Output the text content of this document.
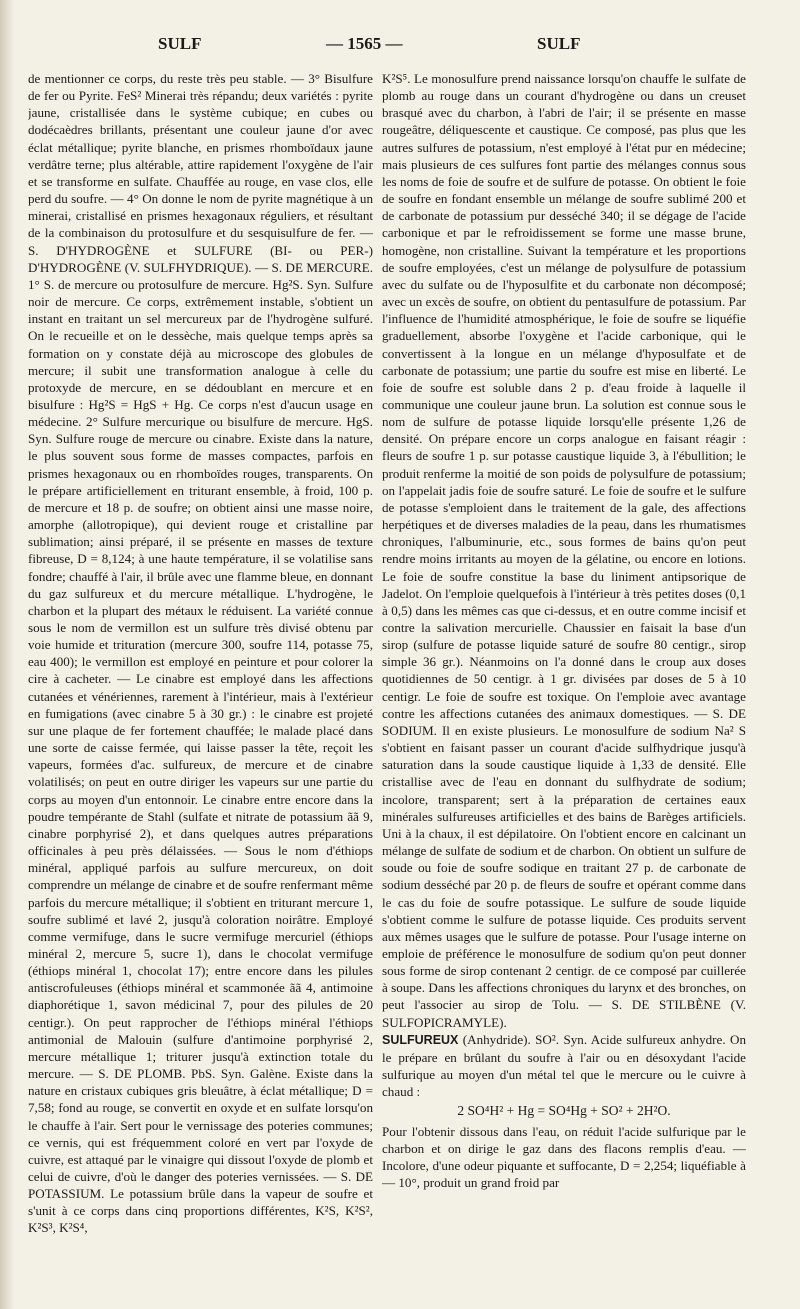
SULF	— 1565 —	SULF

de mentionner ce corps, du reste très peu stable. — 3° Bisulfure de fer ou Pyrite. FeS² Minerai très répandu; deux variétés : pyrite jaune, cristallisée dans le système cubique; en cubes ou dodécaèdres brillants, présentant une couleur jaune d'or avec éclat métallique; pyrite blanche, en prismes rhomboïdaux jaune verdâtre terne; plus altérable, attire rapidement l'oxygène de l'air et se transforme en sulfate. Chauffée au rouge, en vase clos, elle perd du soufre. — 4° On donne le nom de pyrite magnétique à un minerai, cristallisé en prismes hexagonaux réguliers, et résultant de la combinaison du protosulfure et du sesquisulfure de fer. — S. D'HYDROGÈNE et SULFURE (BI- ou PER-) D'HYDROGÈNE (V. SULFHYDRIQUE). — S. DE MERCURE. 1° S. de mercure ou protosulfure de mercure. Hg²S. Syn. Sulfure noir de mercure. Ce corps, extrêmement instable, s'obtient un instant en traitant un sel mercureux par de l'hydrogène sulfuré. On le recueille et on le dessèche, mais quelque temps après sa formation on y constate déjà au microscope des globules de mercure; il subit une transformation analogue à celle du protoxyde de mercure, en se dédoublant en mercure et en bisulfure : Hg²S = HgS + Hg. Ce corps n'est d'aucun usage en médecine. 2° Sulfure mercurique ou bisulfure de mercure. HgS. Syn. Sulfure rouge de mercure ou cinabre. Existe dans la nature, le plus souvent sous forme de masses compactes, parfois en prismes hexagonaux ou en rhomboïdes rouges, transparents. On le prépare artificiellement en triturant ensemble, à froid, 100 p. de mercure et 18 p. de soufre; on obtient ainsi une masse noire, amorphe (allotropique), qui devient rouge et cristalline par sublimation; ainsi préparé, il se présente en masses de texture fibreuse, D = 8,124; à une haute température, il se volatilise sans fondre; chauffé à l'air, il brûle avec une flamme bleue, en donnant du gaz sulfureux et du mercure métallique. L'hydrogène, le charbon et la plupart des métaux le réduisent. La variété connue sous le nom de vermillon est un sulfure très divisé obtenu par voie humide et trituration (mercure 300, soufre 114, potasse 75, eau 400); le vermillon est employé en peinture et pour colorer la cire à cacheter. — Le cinabre est employé dans les affections cutanées et vénériennes, rarement à l'intérieur, mais à l'extérieur en fumigations (avec cinabre 5 à 30 gr.) : le cinabre est projeté sur une plaque de fer fortement chauffée; le malade placé dans une sorte de caisse fermée, qui laisse passer la tête, reçoit les vapeurs, formées d'ac. sulfureux, de mercure et de cinabre volatilisés; on peut en outre diriger les vapeurs sur une partie du corps au moyen d'un entonnoir. Le cinabre entre encore dans la poudre tempérante de Stahl (sulfate et nitrate de potassium ãã 9, cinabre porphyrisé 2), et dans quelques autres préparations officinales à peu près délaissées. — Sous le nom d'éthiops minéral, appliqué parfois au sulfure mercureux, on doit comprendre un mélange de cinabre et de soufre renfermant même parfois du mercure métallique; il s'obtient en triturant mercure 1, soufre sublimé et lavé 2, jusqu'à coloration noirâtre. Employé comme vermifuge, dans le sucre vermifuge mercuriel (éthiops minéral 2, mercure 5, sucre 1), dans le chocolat vermifuge (éthiops minéral 1, chocolat 17); entre encore dans les pilules antiscrofuleuses (éthiops minéral et scammonée ãã 4, antimoine diaphorétique 1, savon médicinal 7, pour des pilules de 20 centigr.). On peut rapprocher de l'éthiops minéral l'éthiops antimonial de Malouin (sulfure d'antimoine porphyrisé 2, mercure métallique 1; triturer jusqu'à extinction totale du mercure. — S. DE PLOMB. PbS. Syn. Galène. Existe dans la nature en cristaux cubiques gris bleuâtre, à éclat métallique; D = 7,58; fond au rouge, se convertit en oxyde et en sulfate lorsqu'on le chauffe à l'air. Sert pour le vernissage des poteries communes; ce vernis, qui est fréquemment coloré en vert par l'oxyde de cuivre, est attaqué par le vinaigre qui dissout l'oxyde de plomb et celui de cuivre, d'où le danger des poteries vernissées. — S. DE POTASSIUM. Le potassium brûle dans la vapeur de soufre et s'unit à ce corps dans cinq proportions différentes, K²S, K²S², K²S³, K²S⁴,

K²S⁵. Le monosulfure prend naissance lorsqu'on chauffe le sulfate de plomb au rouge dans un courant d'hydrogène ou dans un creuset brasqué avec du charbon, à l'abri de l'air; il se présente en masse rougeâtre, déliquescente et caustique. Ce composé, pas plus que les autres sulfures de potassium, n'est employé à l'état pur en médecine; mais plusieurs de ces sulfures font partie des mélanges connus sous les noms de foie de soufre et de sulfure de potasse. On obtient le foie de soufre en fondant ensemble un mélange de soufre sublimé 200 et de carbonate de potassium pur desséché 340; il se dégage de l'acide carbonique et par le refroidissement se forme une masse brune, homogène, non cristalline. Suivant la température et les proportions de soufre employées, c'est un mélange de polysulfure de potassium avec du sulfate ou de l'hyposulfite et du carbonate non décomposé; avec un excès de soufre, on obtient du pentasulfure de potassium. Par l'influence de l'humidité atmosphérique, le foie de soufre se liquéfie graduellement, absorbe l'oxygène et l'acide carbonique, qui le convertissent à la longue en un mélange d'hyposulfate et de carbonate de potassium; une partie du soufre est mise en liberté. Le foie de soufre est soluble dans 2 p. d'eau froide à laquelle il communique une couleur jaune brun. La solution est connue sous le nom de sulfure de potasse liquide lorsqu'elle présente 1,26 de densité. On prépare encore un corps analogue en faisant réagir : fleurs de soufre 1 p. sur potasse caustique liquide 3, à l'ébullition; le produit renferme la moitié de son poids de polysulfure de potassium; on l'appelait jadis foie de soufre saturé. Le foie de soufre et le sulfure de potasse s'emploient dans le traitement de la gale, des affections herpétiques et de diverses maladies de la peau, dans les rhumatismes chroniques, l'albuminurie, etc., sous formes de bains qu'on peut rendre moins irritants au moyen de la gélatine, ou encore en lotions. Le foie de soufre constitue la base du liniment antipsorique de Jadelot. On l'emploie quelquefois à l'intérieur à très petites doses (0,1 à 0,5) dans les mêmes cas que ci-dessus, et en outre comme incisif et contre la salivation mercurielle. Chaussier en faisait la base d'un sirop (sulfure de potasse liquide saturé de soufre 80 centigr., sirop simple 36 gr.). Néanmoins on l'a donné dans le croup aux doses quotidiennes de 50 centigr. à 1 gr. divisées par doses de 5 à 10 centigr. Le foie de soufre est toxique. On l'emploie avec avantage contre les affections cutanées des animaux domestiques. — S. DE SODIUM. Il en existe plusieurs. Le monosulfure de sodium Na² S s'obtient en faisant passer un courant d'acide sulfhydrique jusqu'à saturation dans la soude caustique liquide à 1,33 de densité. Elle cristallise avec de l'eau en donnant du sulfhydrate de sodium; incolore, transparent; sert à la préparation de certaines eaux minérales sulfureuses artificielles et des bains de Barèges artificiels. Uni à la chaux, il est dépilatoire. On l'obtient encore en calcinant un mélange de sulfate de sodium et de charbon. On obtient un sulfure de soude ou foie de soufre sodique en traitant 27 p. de carbonate de sodium desséché par 20 p. de fleurs de soufre et opérant comme dans le cas du foie de soufre potassique. Le sulfure de soude liquide s'obtient comme le sulfure de potasse liquide. Ces produits servent aux mêmes usages que le sulfure de potasse. Pour l'usage interne on emploie de préférence le monosulfure de sodium qu'on peut donner sous forme de sirop contenant 2 centigr. de ce composé par cuillerée à soupe. Dans les affections chroniques du larynx et des bronches, on peut l'associer au sirop de Tolu. — S. DE STILBÈNE (V. SULFOPICRAMYLE).

SULFUREUX (Anhydride). SO². Syn. Acide sulfureux anhydre. On le prépare en brûlant du soufre à l'air ou en désoxydant l'acide sulfurique au moyen d'un métal tel que le mercure ou le cuivre à chaud :

2 SO⁴H² + Hg = SO⁴Hg + SO² + 2H²O.

Pour l'obtenir dissous dans l'eau, on réduit l'acide sulfurique par le charbon et on dirige le gaz dans des flacons remplis d'eau. — Incolore, d'une odeur piquante et suffocante, D = 2,254; liquéfiable à — 10°, produit un grand froid par
